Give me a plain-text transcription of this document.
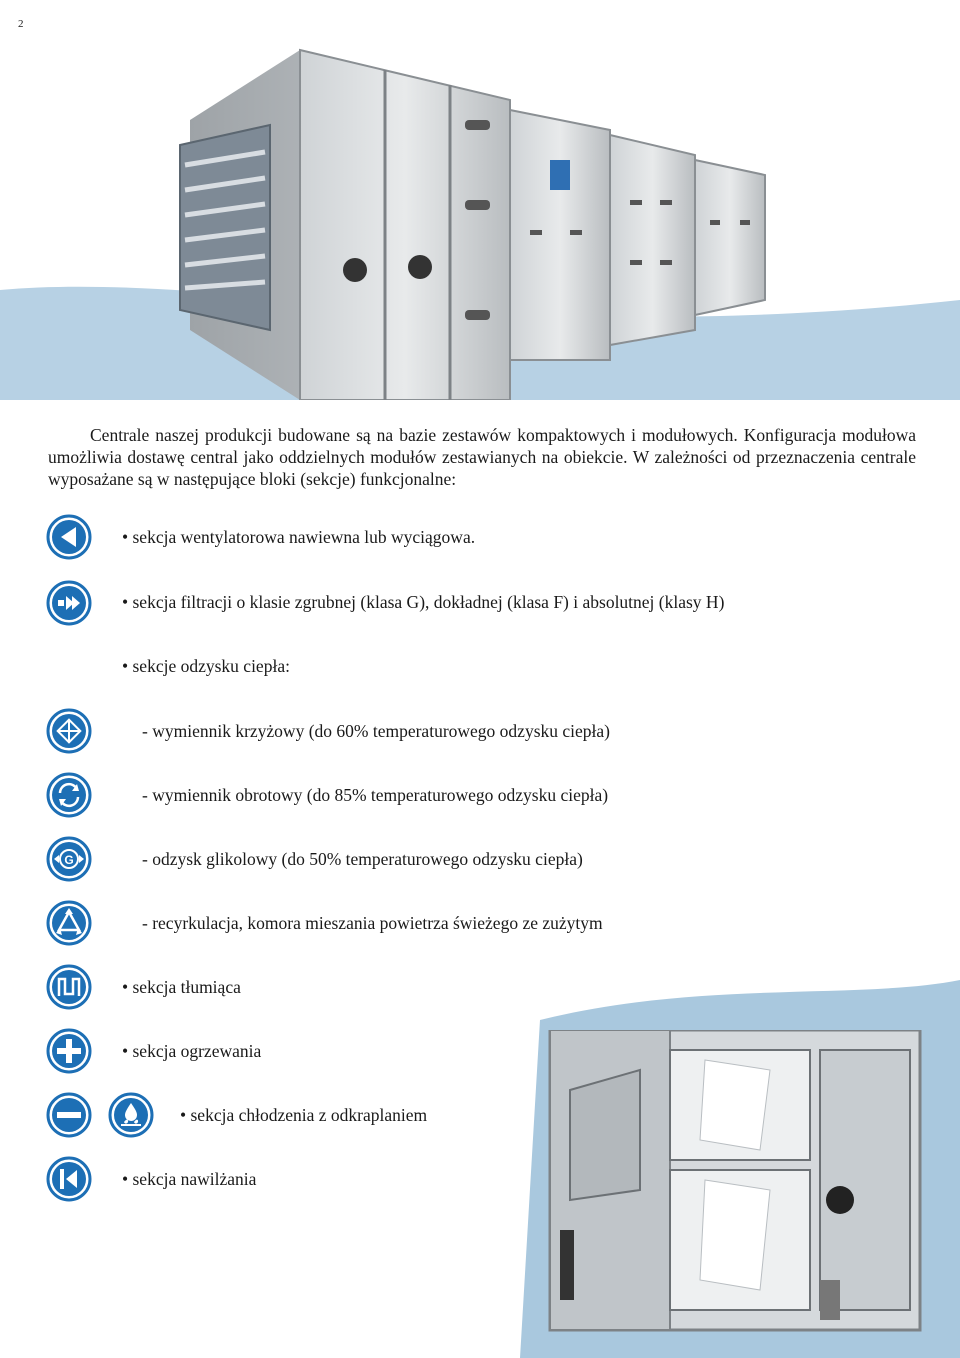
2

Centrale naszej produkcji budowane są na bazie zestawów kompaktowych i modułowych. Konfiguracja modułowa umożliwia dostawę central jako oddzielnych modułów zestawianych na obiekcie. W zależności od przeznaczenia centrale wyposażane są w następujące bloki (sekcje) funkcjonalne:

• sekcja wentylatorowa nawiewna lub wyciągowa.
• sekcja filtracji o klasie zgrubnej (klasa G), dokładnej (klasa F) i absolutnej (klasy H)
• sekcje odzysku ciepła:
- wymiennik krzyżowy (do 60% temperaturowego odzysku ciepła)
- wymiennik obrotowy (do 85% temperaturowego odzysku ciepła)
G	- odzysk glikolowy (do 50% temperaturowego odzysku ciepła)
- recyrkulacja, komora mieszania powietrza świeżego ze zużytym
• sekcja tłumiąca
• sekcja ogrzewania
• sekcja chłodzenia z odkraplaniem
• sekcja nawilżania
